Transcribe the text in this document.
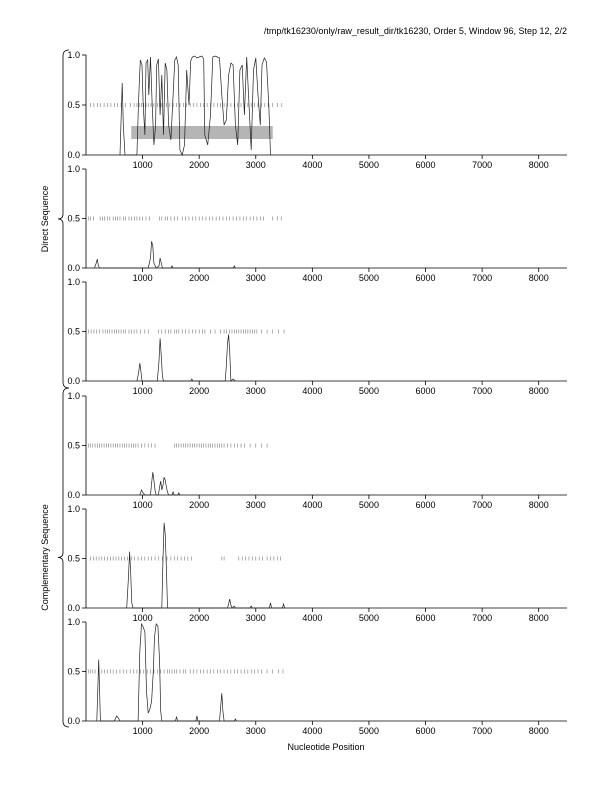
/tmp/tk16230/only/raw_result_dir/tk16230, Order 5, Window 96, Step 12, 2/2
0.0
0.5
1.0
1000	2000	3000	4000	5000	6000	7000	8000
0.0
0.5
1.0
1000	2000	3000	4000	5000	6000	7000	8000
0.0
0.5
1.0
1000	2000	3000	4000	5000	6000	7000	8000
0.0
0.5
1.0
1000	2000	3000	4000	5000	6000	7000	8000
0.0
0.5
1.0
1000	2000	3000	4000	5000	6000	7000	8000
0.0
0.5
1.0
1000	2000	3000	4000	5000	6000	7000	8000
Direct Sequence
Complementary Sequence
Nucleotide Position
